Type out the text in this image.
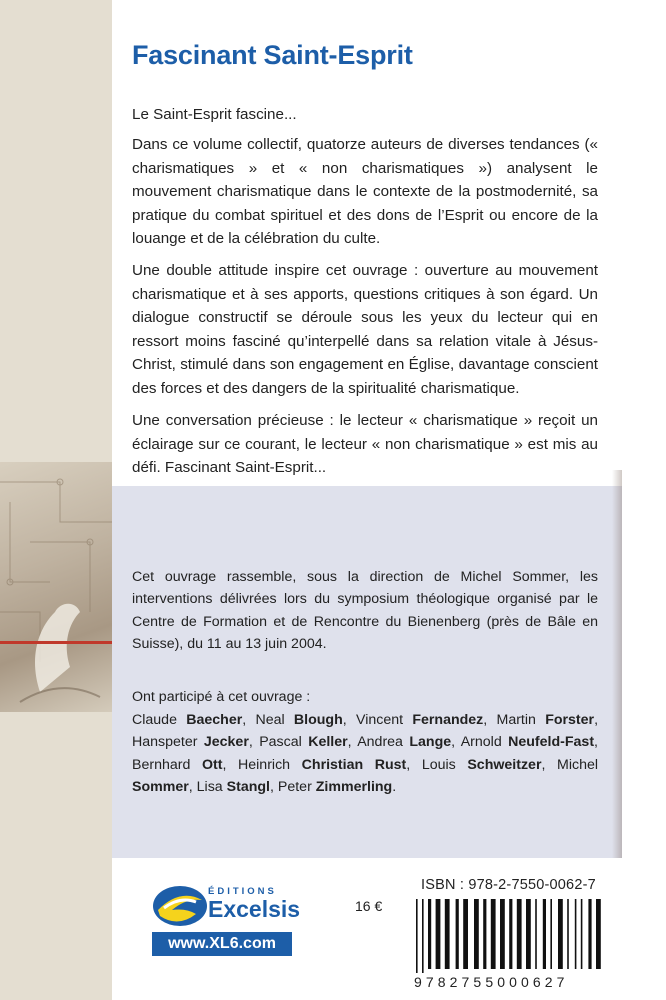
Fascinant Saint-Esprit

Le Saint-Esprit fascine...

Dans ce volume collectif, quatorze auteurs de diverses tendances (« charismatiques » et « non charismatiques ») analysent le mouvement charismatique dans le contexte de la postmodernité, sa pratique du combat spirituel et des dons de l’Esprit ou encore de la louange et de la célébration du culte.

Une double attitude inspire cet ouvrage : ouverture au mouvement charismatique et à ses apports, questions critiques à son égard. Un dialogue constructif se déroule sous les yeux du lecteur qui en ressort moins fasciné qu’interpellé dans sa relation vitale à Jésus-Christ, stimulé dans son engagement en Église, davantage conscient des forces et des dangers de la spiritualité charismatique.

Une conversation précieuse : le lecteur « charismatique » reçoit un éclairage sur ce courant, le lecteur « non charismatique » est mis au défi. Fascinant Saint-Esprit...

Cet ouvrage rassemble, sous la direction de Michel Sommer, les interventions délivrées lors du symposium théologique organisé par le Centre de Formation et de Rencontre du Bienenberg (près de Bâle en Suisse), du 11 au 13 juin 2004.

Ont participé à cet ouvrage :

Claude Baecher, Neal Blough, Vincent Fernandez, Martin Forster, Hanspeter Jecker, Pascal Keller, Andrea Lange, Arnold Neufeld-Fast, Bernhard Ott, Heinrich Christian Rust, Louis Schweitzer, Michel Sommer, Lisa Stangl, Peter Zimmerling.

ÉDITIONS
Excelsis
www.XL6.com
16 €
ISBN : 978-2-7550-0062-7
9782755000627
